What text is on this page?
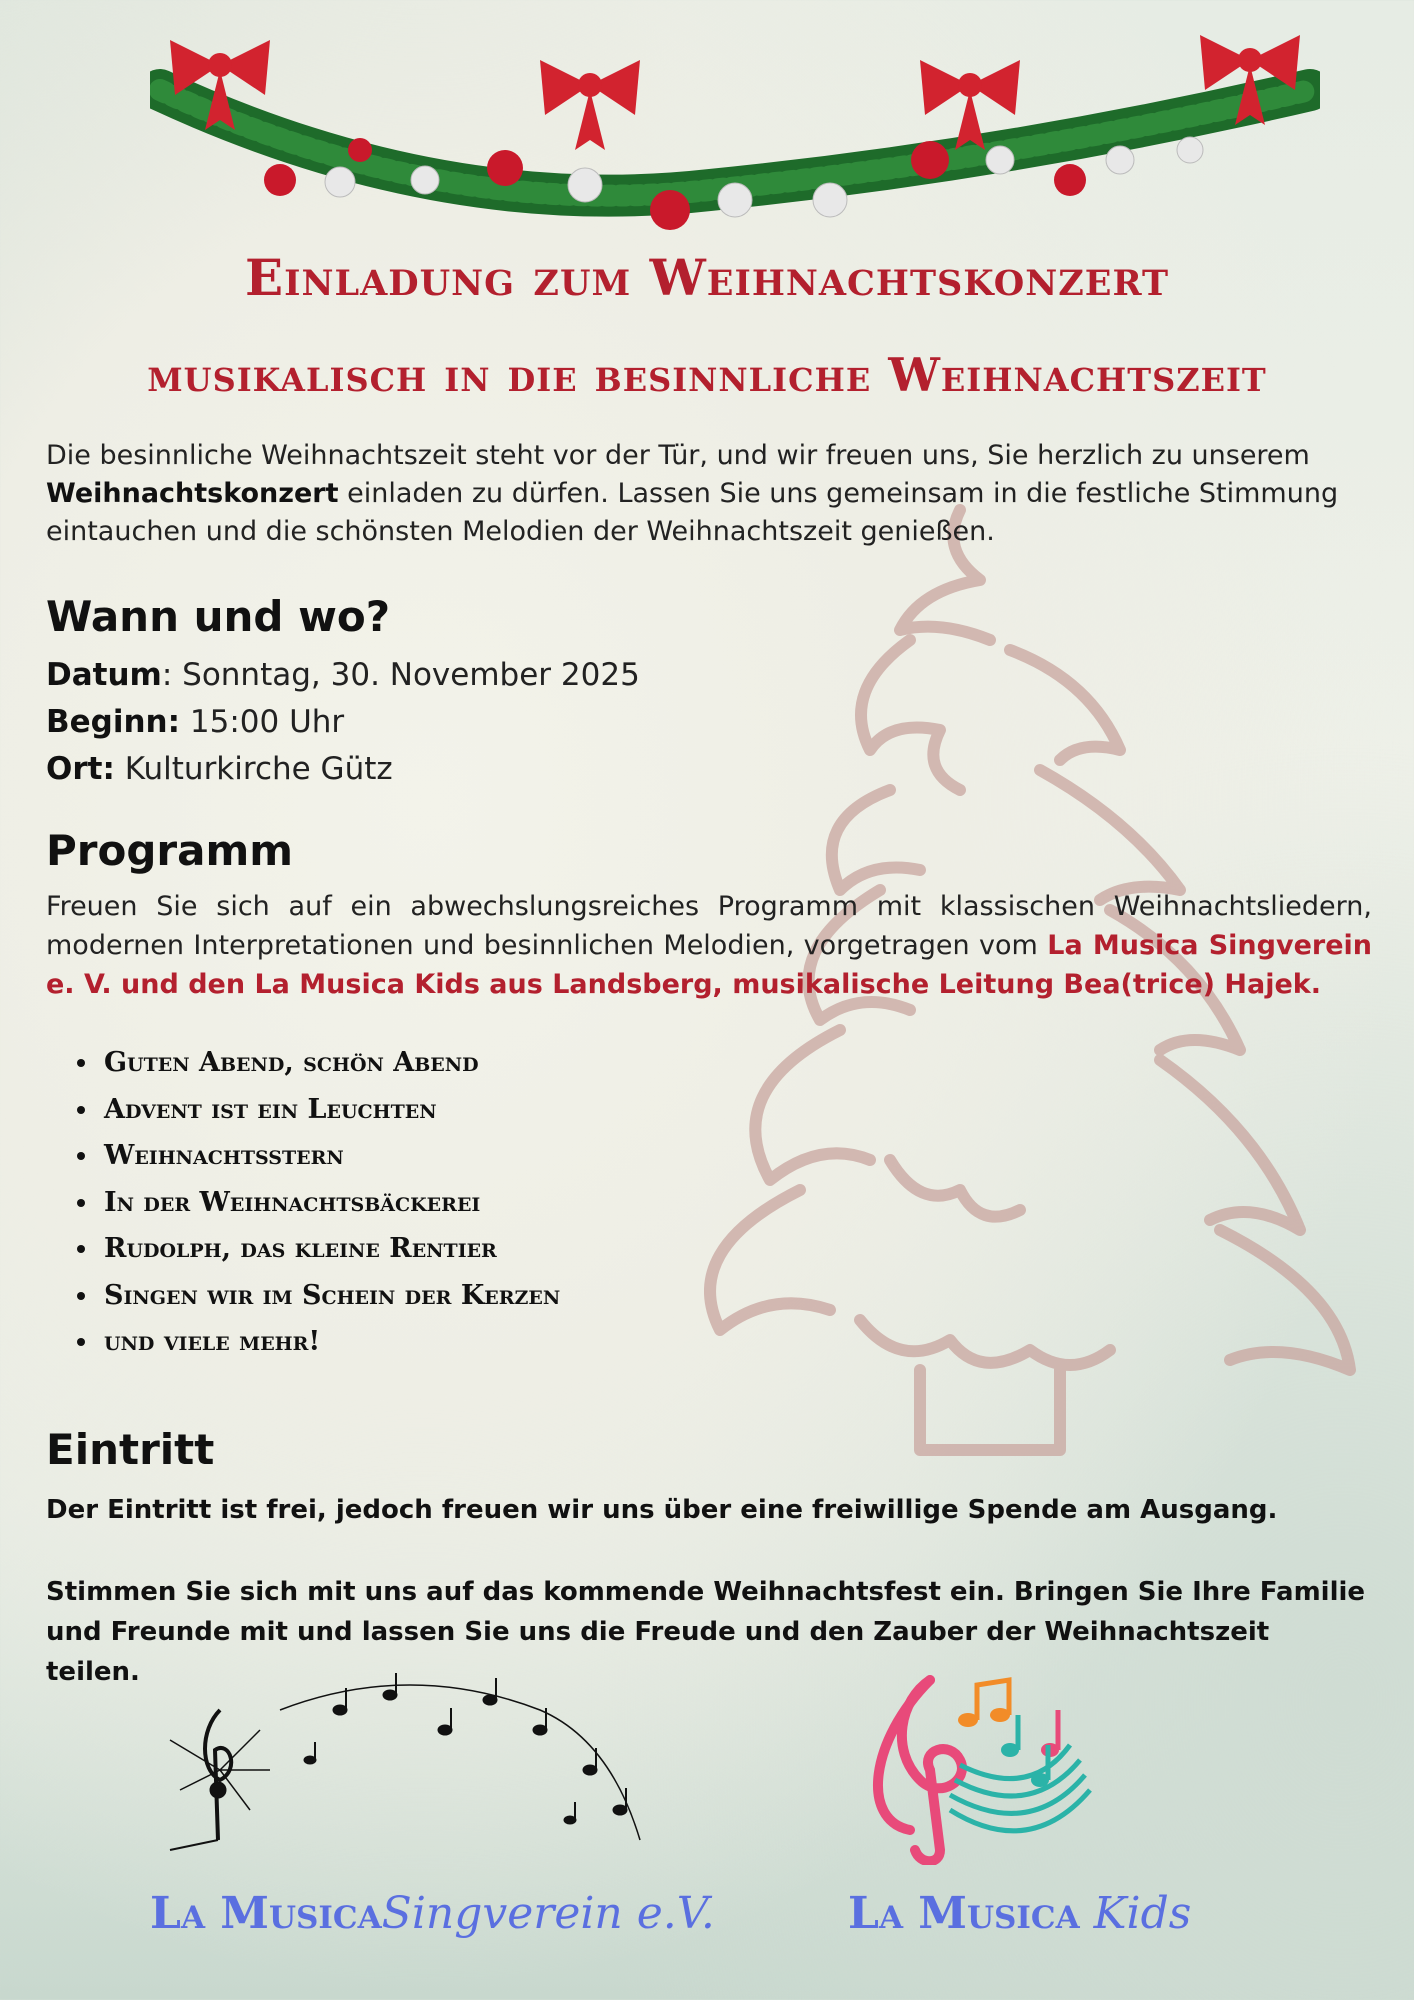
Einladung zum Weihnachtskonzert
musikalisch in die besinnliche Weihnachtszeit
Die besinnliche Weihnachtszeit steht vor der Tür, und wir freuen uns, Sie herzlich zu unserem Weihnachtskonzert einladen zu dürfen. Lassen Sie uns gemeinsam in die festliche Stimmung eintauchen und die schönsten Melodien der Weihnachtszeit genießen.
Wann und wo?
Datum: Sonntag, 30. November 2025
Beginn: 15:00 Uhr
Ort: Kulturkirche Gütz
Programm
Freuen Sie sich auf ein abwechslungsreiches Programm mit klassischen Weihnachtsliedern, modernen Interpretationen und besinnlichen Melodien, vorgetragen vom La Musica Singverein e. V. und den La Musica Kids aus Landsberg, musikalische Leitung Bea(trice) Hajek.
• Guten Abend, schön Abend
• Advent ist ein Leuchten
• Weihnachtsstern
• In der Weihnachtsbäckerei
• Rudolph, das kleine Rentier
• Singen wir im Schein der Kerzen
• und viele mehr!
Eintritt
Der Eintritt ist frei, jedoch freuen wir uns über eine freiwillige Spende am Ausgang.
Stimmen Sie sich mit uns auf das kommende Weihnachtsfest ein. Bringen Sie Ihre Familie und Freunde mit und lassen Sie uns die Freude und den Zauber der Weihnachtszeit teilen.
La MusicaSingverein e.V.	La Musica Kids
